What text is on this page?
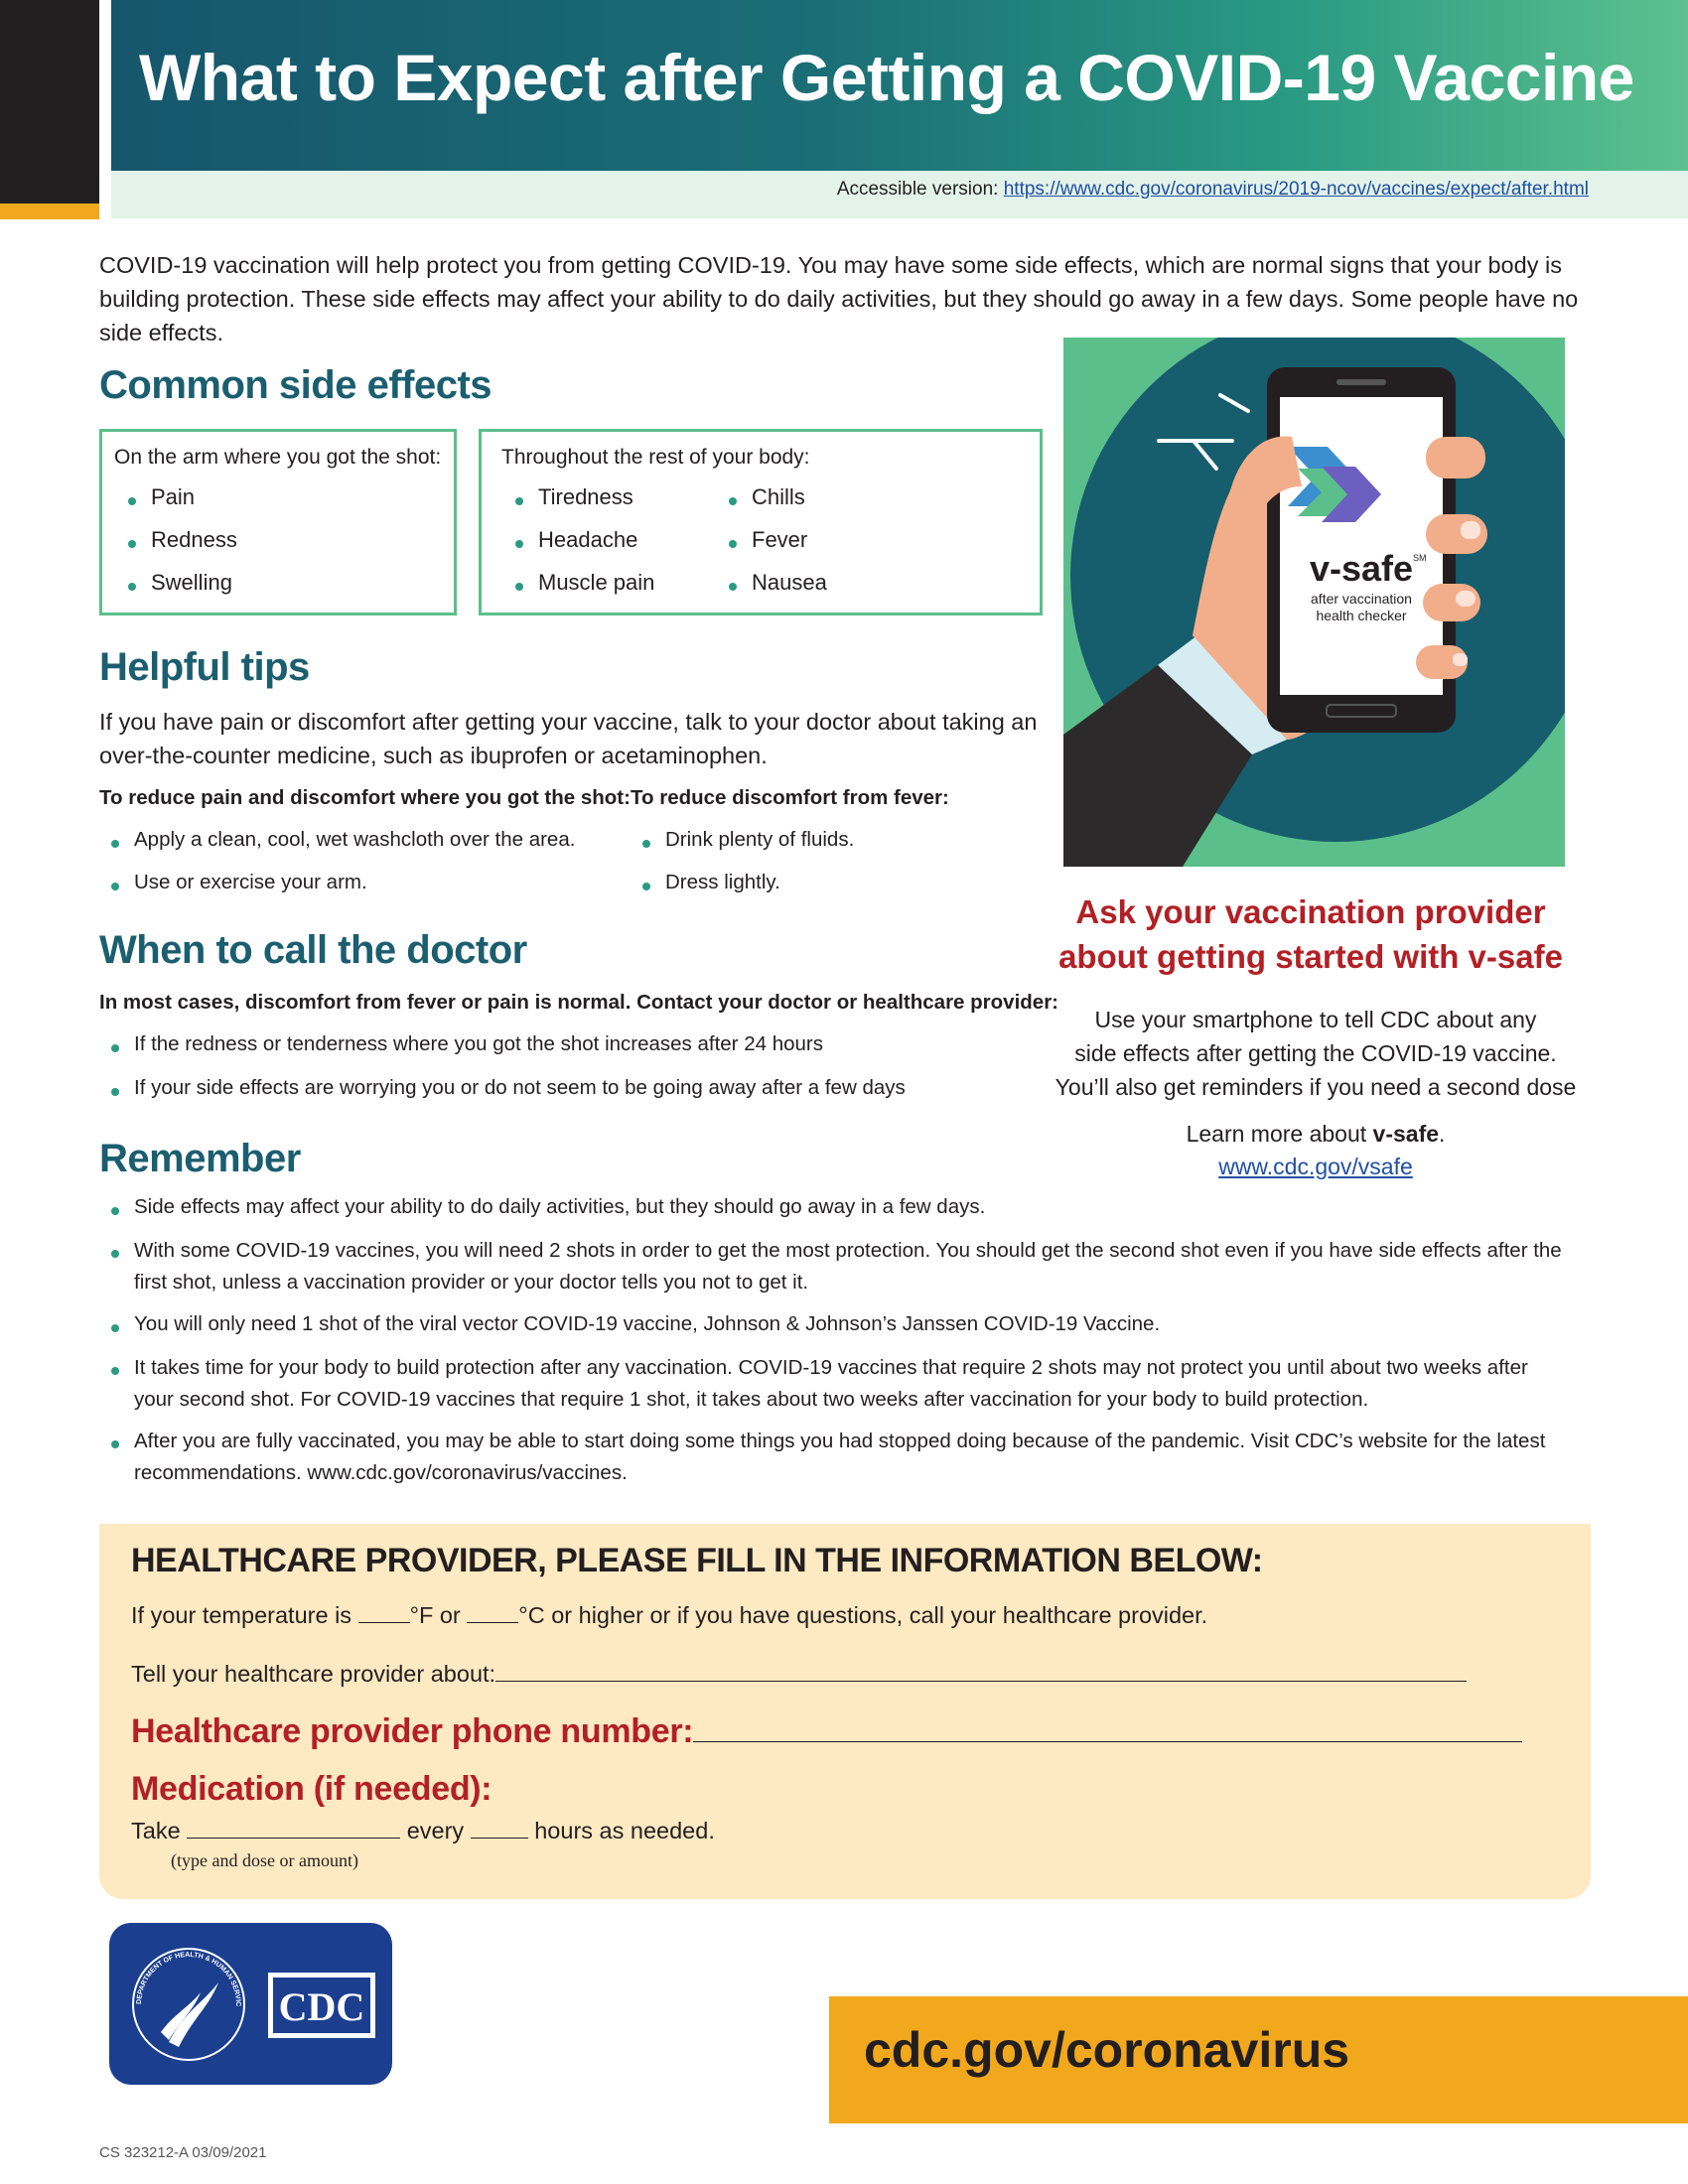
What to Expect after Getting a COVID-19 Vaccine
Accessible version: https://www.cdc.gov/coronavirus/2019-ncov/vaccines/expect/after.html

COVID-19 vaccination will help protect you from getting COVID-19. You may have some side effects, which are normal signs that your body is building protection. These side effects may affect your ability to do daily activities, but they should go away in a few days. Some people have no side effects.

Common side effects
On the arm where you got the shot:
Pain
Redness
Swelling
Throughout the rest of your body:
Tiredness
Headache
Muscle pain
Chills
Fever
Nausea
Helpful tips

If you have pain or discomfort after getting your vaccine, talk to your doctor about taking an over-the-counter medicine, such as ibuprofen or acetaminophen.

To reduce pain and discomfort where you got the shot:
Apply a clean, cool, wet washcloth over the area.
Use or exercise your arm.
To reduce discomfort from fever:
Drink plenty of fluids.
Dress lightly.
When to call the doctor
In most cases, discomfort from fever or pain is normal. Contact your doctor or healthcare provider:
If the redness or tenderness where you got the shot increases after 24 hours
If your side effects are worrying you or do not seem to be going away after a few days
Remember
Side effects may affect your ability to do daily activities, but they should go away in a few days.
With some COVID-19 vaccines, you will need 2 shots in order to get the most protection. You should get the second shot even if you have side effects after the first shot, unless a vaccination provider or your doctor tells you not to get it.
You will only need 1 shot of the viral vector COVID-19 vaccine, Johnson & Johnson’s Janssen COVID-19 Vaccine.
It takes time for your body to build protection after any vaccination. COVID-19 vaccines that require 2 shots may not protect you until about two weeks after your second shot. For COVID-19 vaccines that require 1 shot, it takes about two weeks after vaccination for your body to build protection.
After you are fully vaccinated, you may be able to start doing some things you had stopped doing because of the pandemic. Visit CDC’s website for the latest recommendations. www.cdc.gov/coronavirus/vaccines.
v-safe SM
after vaccination
health checker
Ask your vaccination provider
about getting started with v-safe
Use your smartphone to tell CDC about any
side effects after getting the COVID-19 vaccine.
You’ll also get reminders if you need a second dose
Learn more about v-safe.
www.cdc.gov/vsafe
HEALTHCARE PROVIDER, PLEASE FILL IN THE INFORMATION BELOW:
If your temperature is °F or °C or higher or if you have questions, call your healthcare provider.
Tell your healthcare provider about:
Healthcare provider phone number:
Medication (if needed):
Take	every	hours as needed.
(type and dose or amount)
DEPARTMENT OF HEALTH & HUMAN SERVIC CDC
cdc.gov/coronavirus
CS 323212-A 03/09/2021
